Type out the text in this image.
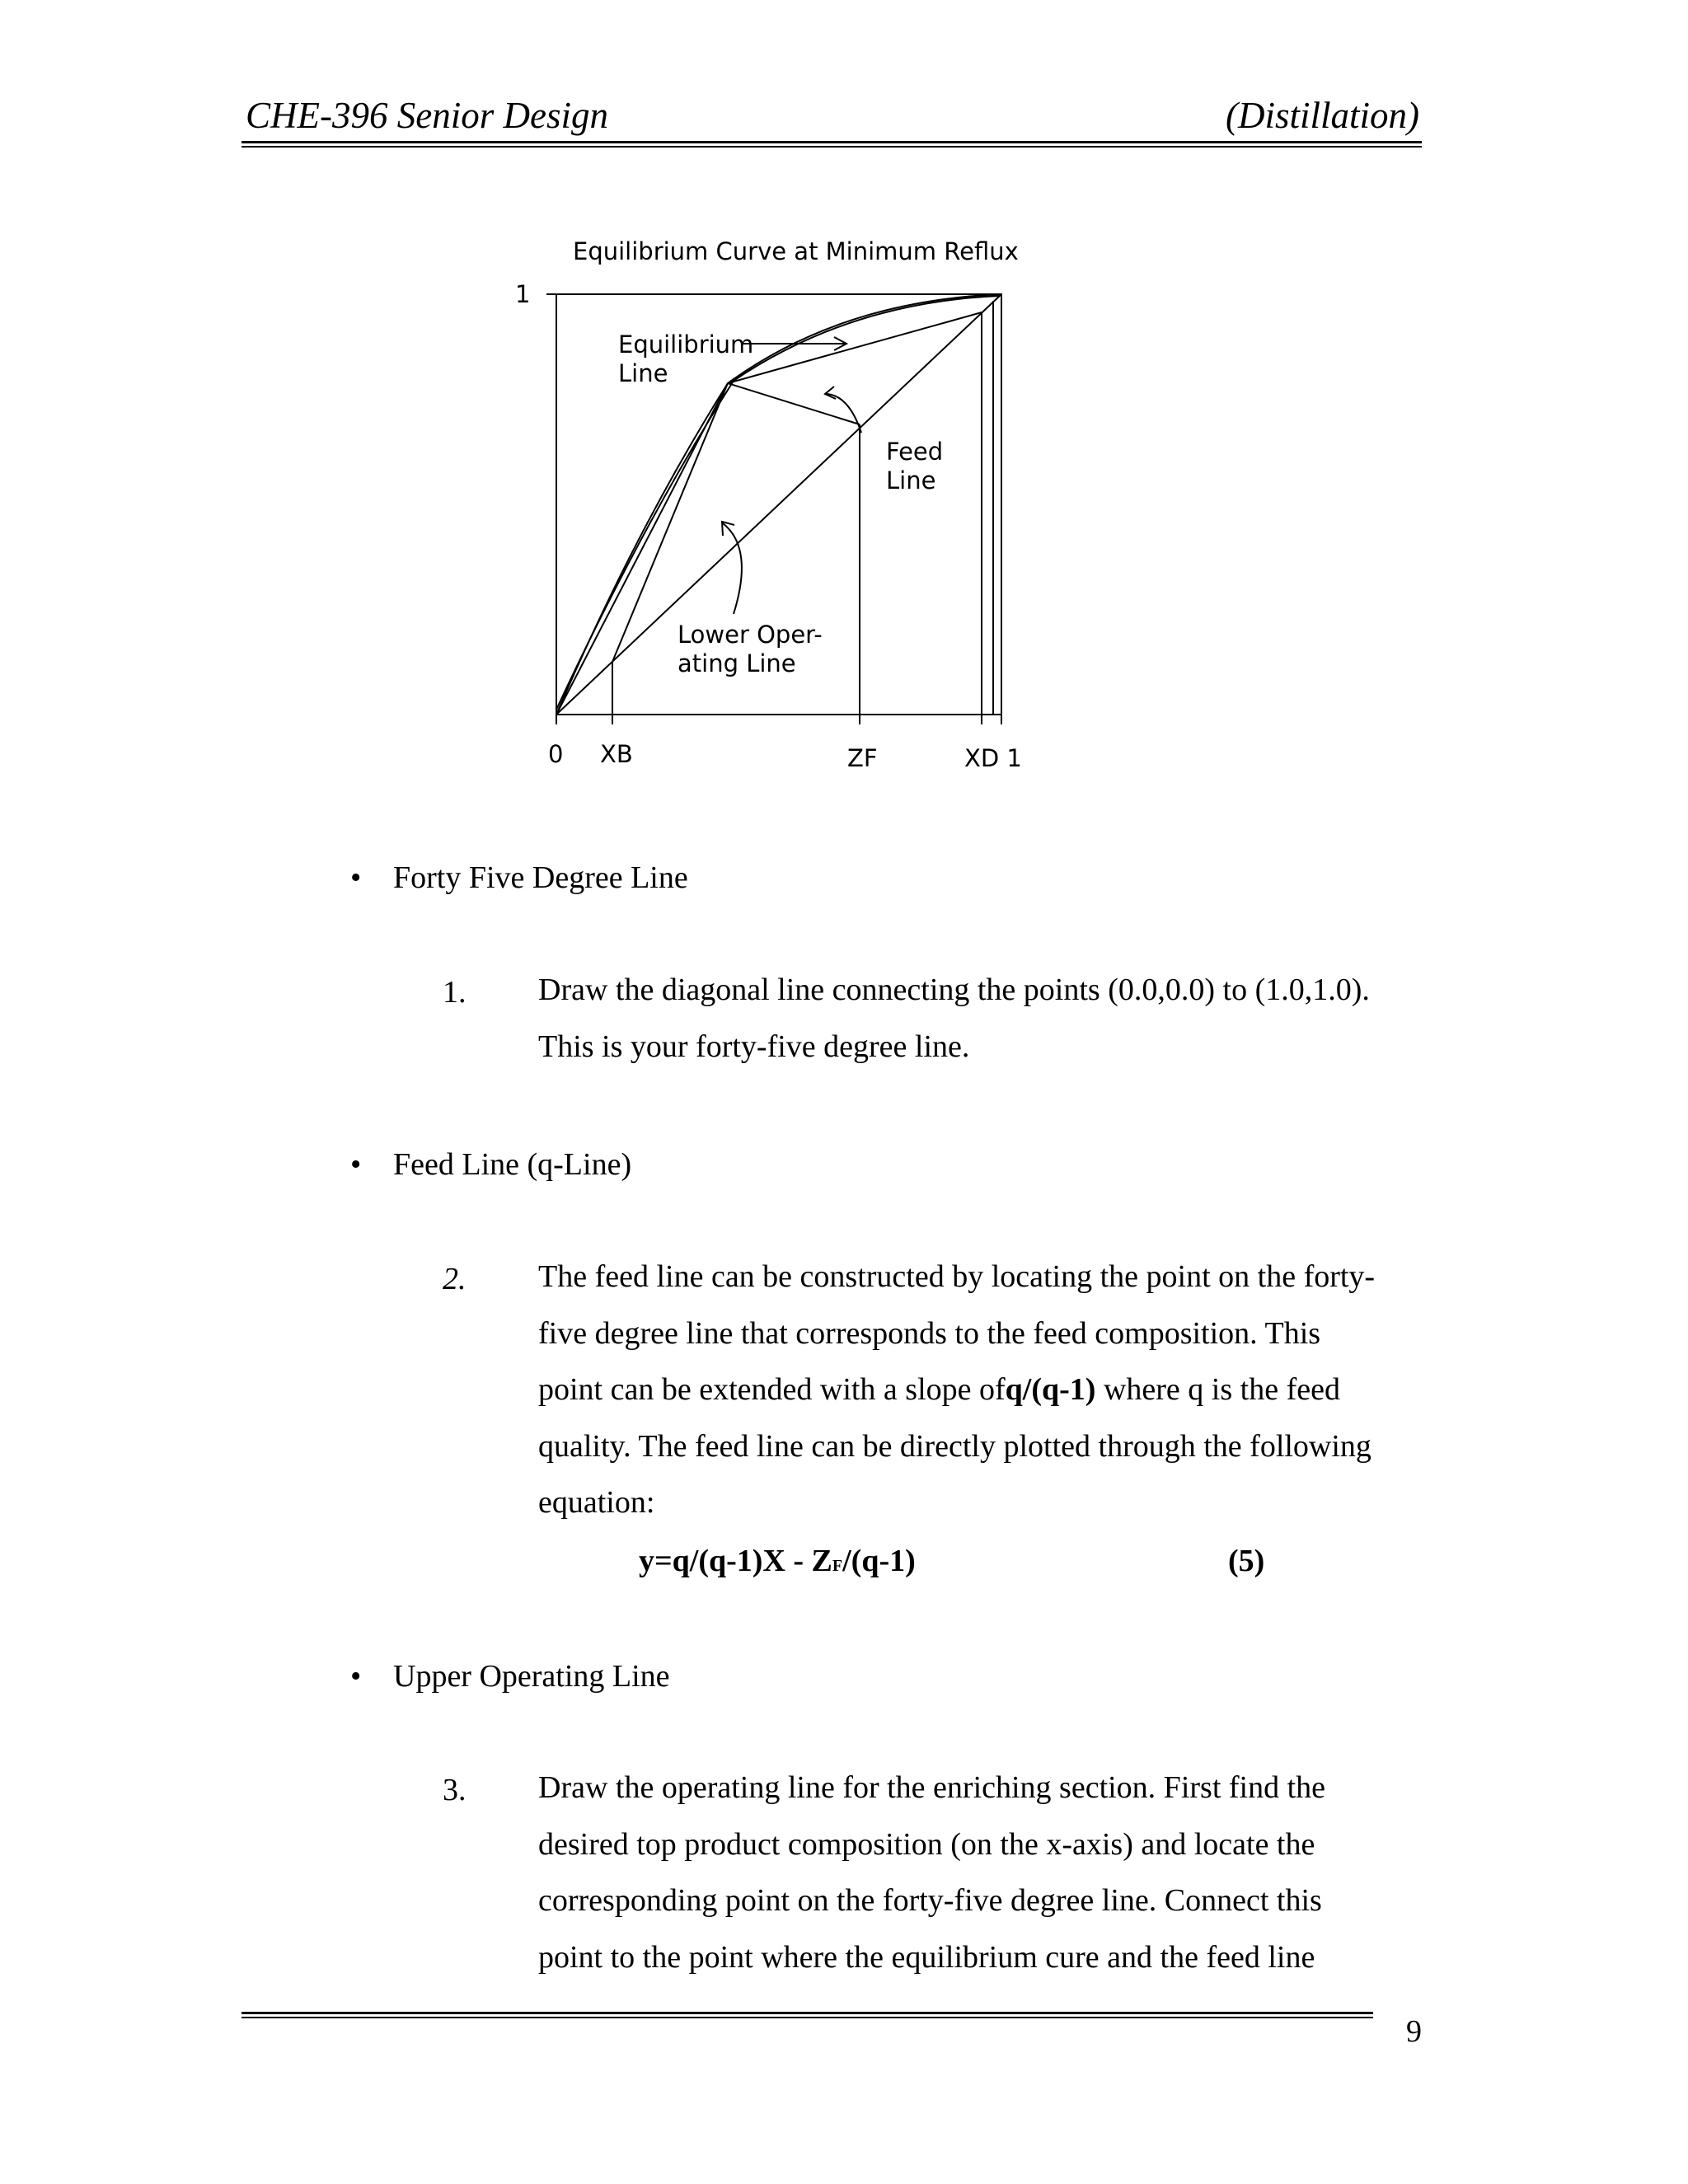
CHE-396 Senior Design	(Distillation)
Equilibrium Curve at Minimum Reflux
1
0 XB	ZF	XD 1
Equilibrium
Line
Feed
Line
Lower Oper-
ating Line
• Forty Five Degree Line
1. Draw the diagonal line connecting the points (0.0,0.0) to (1.0,1.0).
This is your forty-five degree line.
• Feed Line (q-Line)
2. The feed line can be constructed by locating the point on the forty-
five degree line that corresponds to the feed composition. This
point can be extended with a slope ofq/(q-1) where q is the feed
quality. The feed line can be directly plotted through the following
equation:
y=q/(q-1)X - ZF/(q-1)	(5)
• Upper Operating Line
3. Draw the operating line for the enriching section. First find the
desired top product composition (on the x-axis) and locate the
corresponding point on the forty-five degree line. Connect this
point to the point where the equilibrium cure and the feed line
9
